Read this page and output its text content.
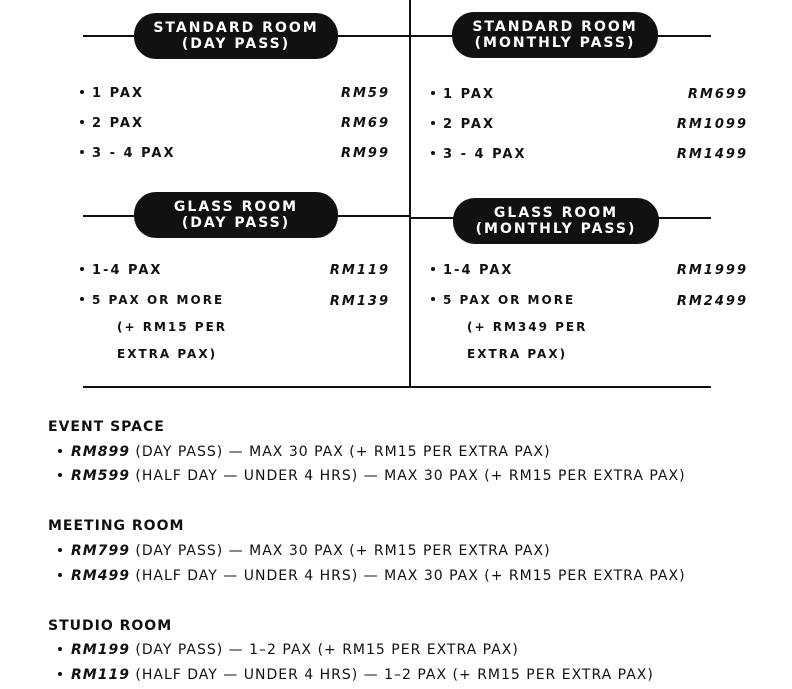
STANDARD ROOM
(DAY PASS)
STANDARD ROOM
(MONTHLY PASS)
GLASS ROOM
(DAY PASS)
GLASS ROOM
(MONTHLY PASS)
1 PAX	RM59
2 PAX	RM69
3 - 4 PAX	RM99
1 PAX	RM699
2 PAX	RM1099
3 - 4 PAX	RM1499
1-4 PAX	RM119
5 PAX OR MORE	RM139
(+ RM15 PER
EXTRA PAX)
1-4 PAX	RM1999
5 PAX OR MORE	RM2499
(+ RM349 PER
EXTRA PAX)
EVENT SPACE
RM899 (DAY PASS) — MAX 30 PAX (+ RM15 PER EXTRA PAX)
RM599 (HALF DAY — UNDER 4 HRS) — MAX 30 PAX (+ RM15 PER EXTRA PAX)
MEETING ROOM
RM799 (DAY PASS) — MAX 30 PAX (+ RM15 PER EXTRA PAX)
RM499 (HALF DAY — UNDER 4 HRS) — MAX 30 PAX (+ RM15 PER EXTRA PAX)
STUDIO ROOM
RM199 (DAY PASS) — 1–2 PAX (+ RM15 PER EXTRA PAX)
RM119 (HALF DAY — UNDER 4 HRS) — 1–2 PAX (+ RM15 PER EXTRA PAX)
